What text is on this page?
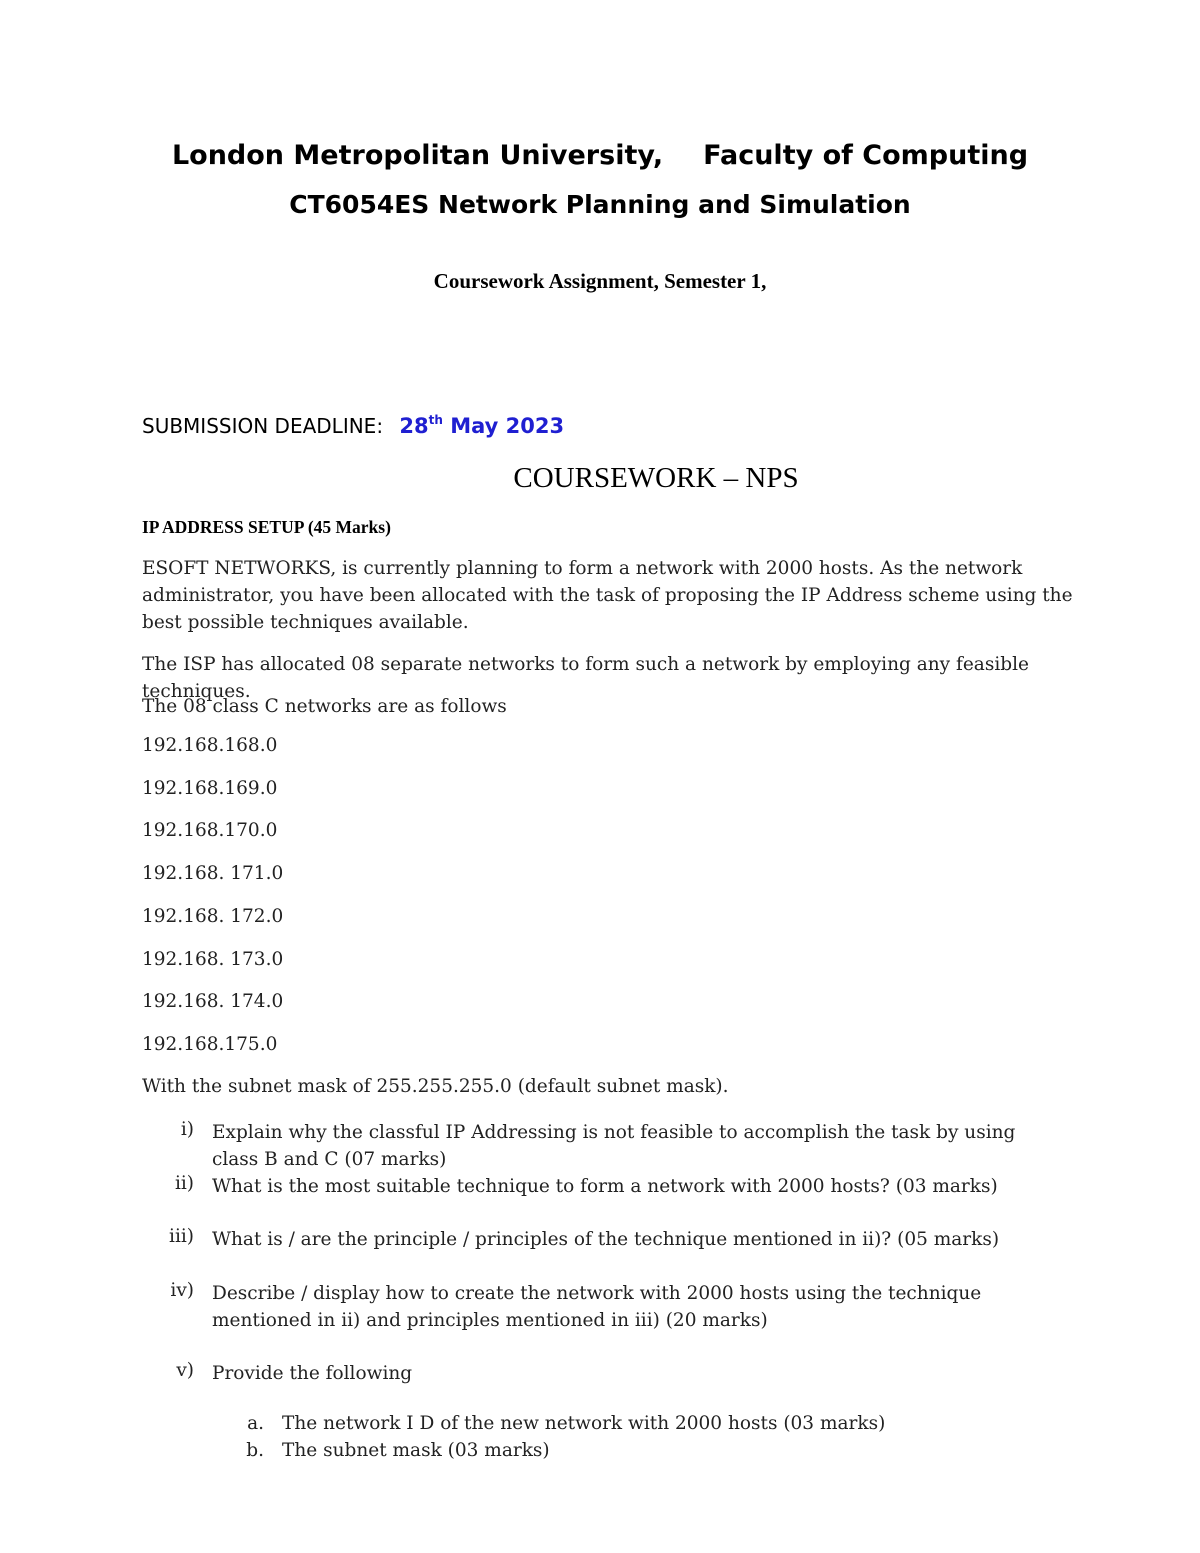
London Metropolitan University, Faculty of Computing
CT6054ES Network Planning and Simulation
Coursework Assignment, Semester 1,
SUBMISSION DEADLINE: 28th May 2023
COURSEWORK – NPS
IP ADDRESS SETUP (45 Marks)
ESOFT NETWORKS, is currently planning to form a network with 2000 hosts. As the network administrator, you have been allocated with the task of proposing the IP Address scheme using the best possible techniques available.
The ISP has allocated 08 separate networks to form such a network by employing any feasible techniques.
The 08 class C networks are as follows
192.168.168.0
192.168.169.0
192.168.170.0
192.168. 171.0
192.168. 172.0
192.168. 173.0
192.168. 174.0
192.168.175.0
With the subnet mask of 255.255.255.0 (default subnet mask).
i) Explain why the classful IP Addressing is not feasible to accomplish the task by using class B and C (07 marks)
ii) What is the most suitable technique to form a network with 2000 hosts? (03 marks)
iii) What is / are the principle / principles of the technique mentioned in ii)? (05 marks)
iv) Describe / display how to create the network with 2000 hosts using the technique mentioned in ii) and principles mentioned in iii) (20 marks)
v) Provide the following
a. The network I D of the new network with 2000 hosts (03 marks)
b. The subnet mask (03 marks)
